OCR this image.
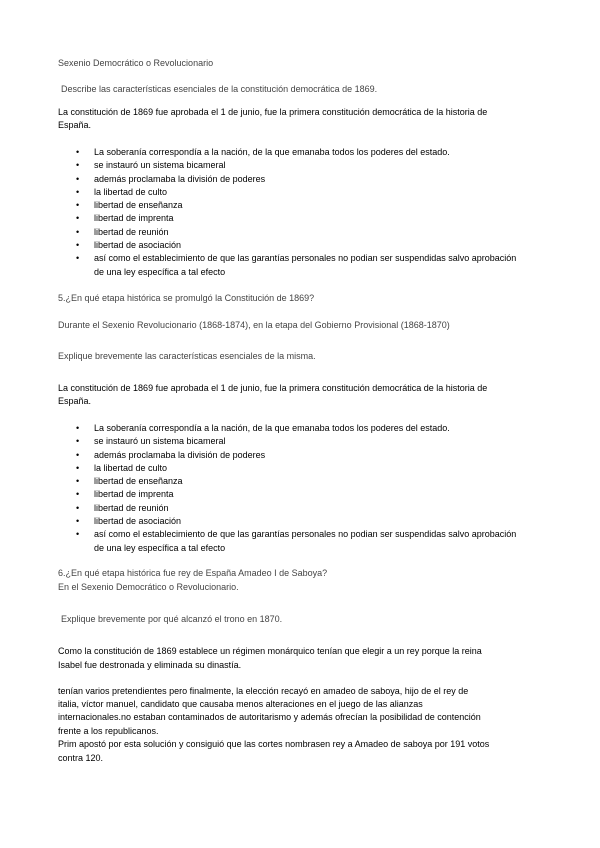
Sexenio Democrático o Revolucionario
Describe las características esenciales de la constitución democrática de 1869.
La constitución de 1869 fue aprobada el 1 de junio, fue la primera constitución democrática de la historia de
España.
• La soberanía correspondía a la nación, de la que emanaba todos los poderes del estado.
• se instauró un sistema bicameral
• además proclamaba la división de poderes
• la libertad de culto
• libertad de enseñanza
• libertad de imprenta
• libertad de reunión
• libertad de asociación
• así como el establecimiento de que las garantías personales no podian ser suspendidas salvo aprobación de una ley específica a tal efecto
5.¿En qué etapa histórica se promulgó la Constitución de 1869?
Durante el Sexenio Revolucionario (1868-1874), en la etapa del Gobierno Provisional (1868-1870)
Explique brevemente las características esenciales de la misma.
La constitución de 1869 fue aprobada el 1 de junio, fue la primera constitución democrática de la historia de
España.
• La soberanía correspondía a la nación, de la que emanaba todos los poderes del estado.
• se instauró un sistema bicameral
• además proclamaba la división de poderes
• la libertad de culto
• libertad de enseñanza
• libertad de imprenta
• libertad de reunión
• libertad de asociación
• así como el establecimiento de que las garantías personales no podian ser suspendidas salvo aprobación de una ley específica a tal efecto
6.¿En qué etapa histórica fue rey de España Amadeo I de Saboya?
En el Sexenio Democrático o Revolucionario.
Explique brevemente por qué alcanzó el trono en 1870.
Como la constitución de 1869 establece un régimen monárquico tenían que elegir a un rey porque la reina
Isabel fue destronada y eliminada su dinastía.
tenían varios pretendientes pero finalmente, la elección recayó en amadeo de saboya, hijo de el rey de
italia, víctor manuel, candidato que causaba menos alteraciones en el juego de las alianzas
internacionales.no estaban contaminados de autoritarismo y además ofrecían la posibilidad de contención
frente a los republicanos.
Prim apostó por esta solución y consiguió que las cortes nombrasen rey a Amadeo de saboya por 191 votos
contra 120.
